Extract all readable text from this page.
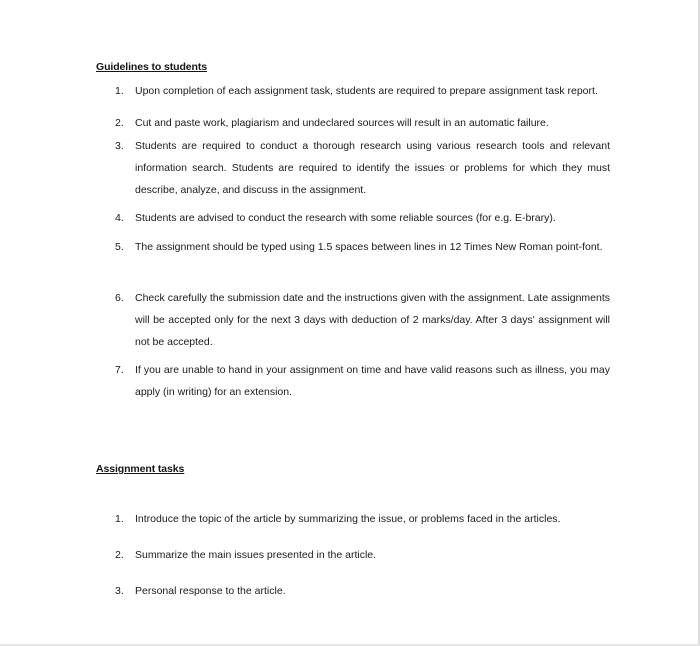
Guidelines to students
1.	Upon completion of each assignment task, students are required to prepare assignment task report.
2.	Cut and paste work, plagiarism and undeclared sources will result in an automatic failure.
3.	Students are required to conduct a thorough research using various research tools and relevant information search. Students are required to identify the issues or problems for which they must describe, analyze, and discuss in the assignment.
4.	Students are advised to conduct the research with some reliable sources (for e.g. E-brary).
5.	The assignment should be typed using 1.5 spaces between lines in 12 Times New Roman point-font.
6.	Check carefully the submission date and the instructions given with the assignment. Late assignments will be accepted only for the next 3 days with deduction of 2 marks/day. After 3 days' assignment will not be accepted.
7.	If you are unable to hand in your assignment on time and have valid reasons such as illness, you may apply (in writing) for an extension.
Assignment tasks
1.	Introduce the topic of the article by summarizing the issue, or problems faced in the articles.
2.	Summarize the main issues presented in the article.
3.	Personal response to the article.
